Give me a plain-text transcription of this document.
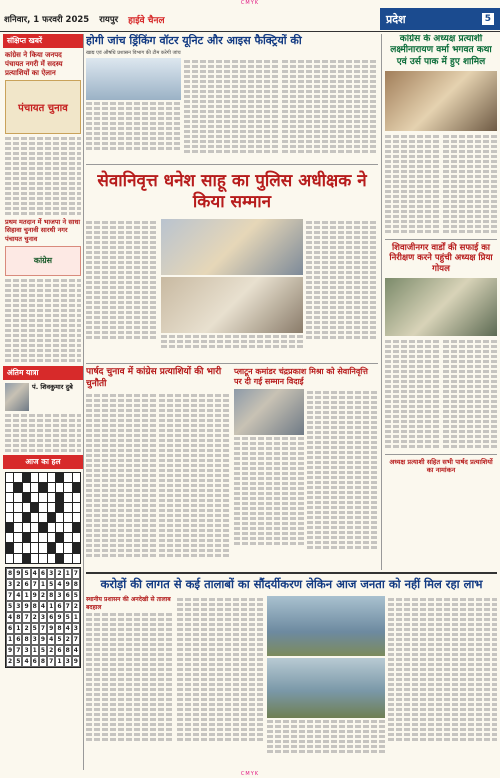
CMYK
CMYK
शनिवार, 1 फरवरी 2025 रायपुर हाईवे चैनल	प्रदेश	5
संक्षिप्त खबरें
कांग्रेस ने किया जनपद पंचायत नगरी में सदस्य प्रत्याशियों का ऐलान
पंचायत चुनाव
प्रथम मतदान में भाजपा ने साधा सिहावा चुनावी सारथी नगर पंचायत चुनाव
कांग्रेस
अंतिम यात्रा
पं. शिवकुमार दुबे
आज का हल
8 9 5 4 6 3 2 1 7
3 2 6 7 1 5 4 9 8
7 4 1 9 2 8 3 6 5
5 3 9 8 4 1 6 7 2
4 8 7 2 3 6 9 5 1
6 1 2 5 7 9 8 4 3
1 6 8 3 9 4 5 2 7
9 7 3 1 5 2 6 8 4
2 5 4 6 8 7 1 3 9
होगी जांच ड्रिंकिंग वॉटर यूनिट और आइस फैक्ट्रियों की
खाद्य एवं औषधि प्रशासन विभाग की टीम करेगी जांच
सेवानिवृत्त धनेश साहू का पुलिस अधीक्षक ने किया सम्मान
पार्षद चुनाव में कांग्रेस प्रत्याशियों की भारी चुनौती
प्लाटून कमांडर चंद्रप्रकाश मिश्रा को सेवानिवृत्ति पर दी गई सम्मान विदाई
कांग्रेस के अध्यक्ष प्रत्याशी लक्ष्मीनारायण वर्मा भगवत कथा एवं उर्स पाक में हुए शामिल
शिवाजीनगर वार्डों की सफाई का निरीक्षण करने पहुंची अध्यक्ष प्रिया गोयल
अध्यक्ष प्रत्याशी सहित सभी पार्षद प्रत्याशियों का नामांकन
करोड़ों की लागत से कई तालाबों का सौंदर्यीकरण लेकिन आज जनता को नहीं मिल रहा लाभ
स्थानीय प्रशासन की अनदेखी से तालाब बदहाल
